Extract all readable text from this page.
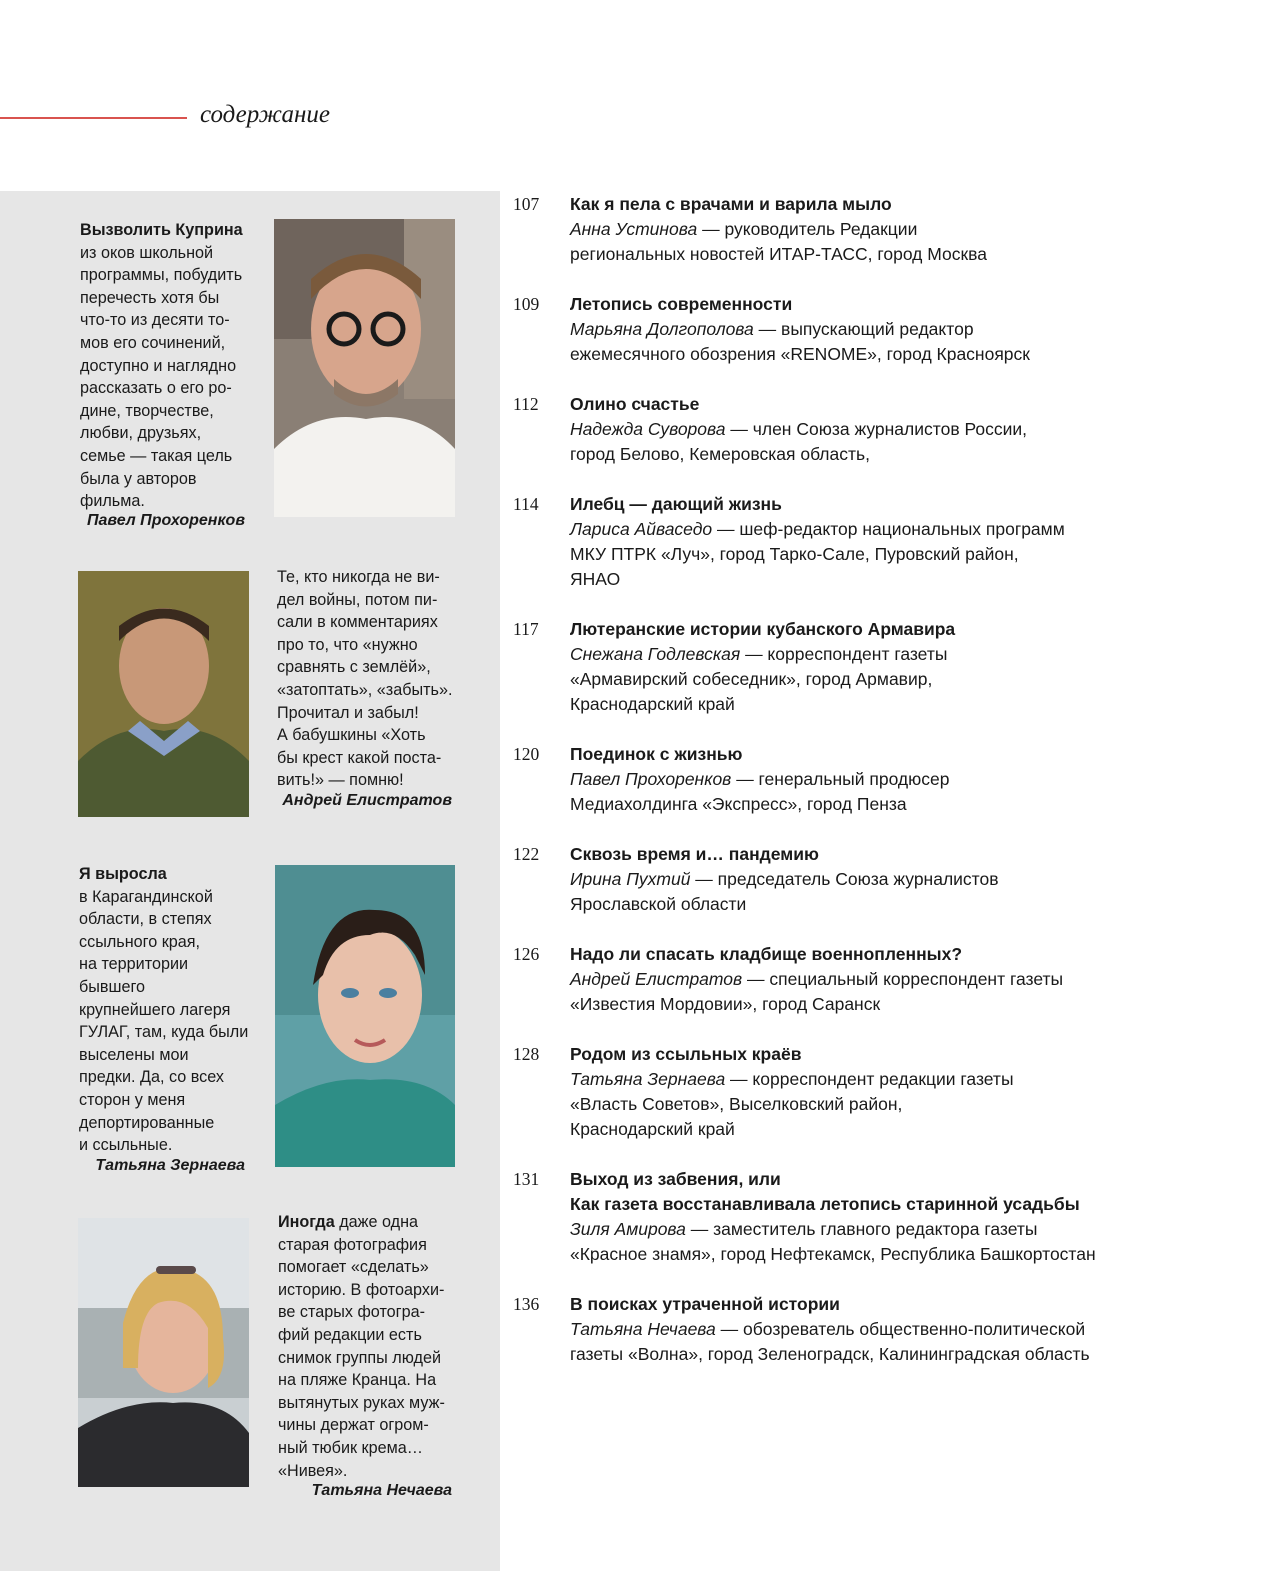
содержание
Вызволить Куприна
из оков школьной
программы, побудить
перечесть хотя бы
что-то из десяти то-
мов его сочинений,
доступно и наглядно
рассказать о его ро-
дине, творчестве,
любви, друзьях,
семье — такая цель
была у авторов
фильма.
Павел Прохоренков
Те, кто никогда не ви-
дел войны, потом пи-
сали в комментариях
про то, что «нужно
сравнять с землёй»,
«затоптать», «забыть».
Прочитал и забыл!
А бабушкины «Хоть
бы крест какой поста-
вить!» — помню!
Андрей Елистратов
Я выросла
в Карагандинской
области, в степях
ссыльного края,
на территории
бывшего
крупнейшего лагеря
ГУЛАГ, там, куда были
выселены мои
предки. Да, со всех
сторон у меня
депортированные
и ссыльные.
Татьяна Зернаева
Иногда даже одна
старая фотография
помогает «сделать»
историю. В фотоархи-
ве старых фотогра-
фий редакции есть
снимок группы людей
на пляже Кранца. На
вытянутых руках муж-
чины держат огром-
ный тюбик крема…
«Нивея».
Татьяна Нечаева
107 Как я пела с врачами и варила мыло
Анна Устинова — руководитель Редакции
региональных новостей ИТАР-ТАСС, город Москва
109 Летопись современности
Марьяна Долгополова — выпускающий редактор
ежемесячного обозрения «RENOME», город Красноярск
112 Олино счастье
Надежда Суворова — член Союза журналистов России,
город Белово, Кемеровская область,
114 Илебц — дающий жизнь
Лариса Айваседо — шеф-редактор национальных программ
МКУ ПТРК «Луч», город Тарко-Сале, Пуровский район,
ЯНАО
117 Лютеранские истории кубанского Армавира
Снежана Годлевская — корреспондент газеты
«Армавирский собеседник», город Армавир,
Краснодарский край
120 Поединок с жизнью
Павел Прохоренков — генеральный продюсер
Медиахолдинга «Экспресс», город Пенза
122 Сквозь время и… пандемию
Ирина Пухтий — председатель Союза журналистов
Ярославской области
126 Надо ли спасать кладбище военнопленных?
Андрей Елистратов — специальный корреспондент газеты
«Известия Мордовии», город Саранск
128 Родом из ссыльных краёв
Татьяна Зернаева — корреспондент редакции газеты
«Власть Советов», Выселковский район,
Краснодарский край
131 Выход из забвения, или
Как газета восстанавливала летопись старинной усадьбы
Зиля Амирова — заместитель главного редактора газеты
«Красное знамя», город Нефтекамск, Республика Башкортостан
136 В поисках утраченной истории
Татьяна Нечаева — обозреватель общественно-политической
газеты «Волна», город Зеленоградск, Калининградская область
